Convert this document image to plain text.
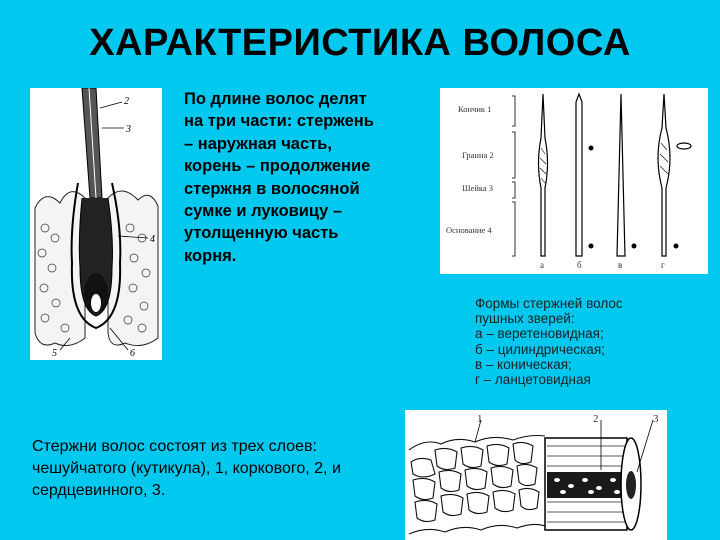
ХАРАКТЕРИСТИКА ВОЛОСА
2
3
4
5	6
По длине волос делят на три части: стержень – наружная часть, корень – продолжение стержня в волосяной сумке и луковицу – утолщенную часть корня.
Кончик 1
Гранна 2
Шейка 3
Основание 4
а	б	в	г
Формы стержней волос
пушных зверей:
а – веретеновидная;
б – цилиндрическая;
в – коническая;
г – ланцетовидная
1	2	3
Стержни волос состоят из трех слоев: чешуйчатого (кутикула), 1, коркового, 2, и сердцевинного, 3.
